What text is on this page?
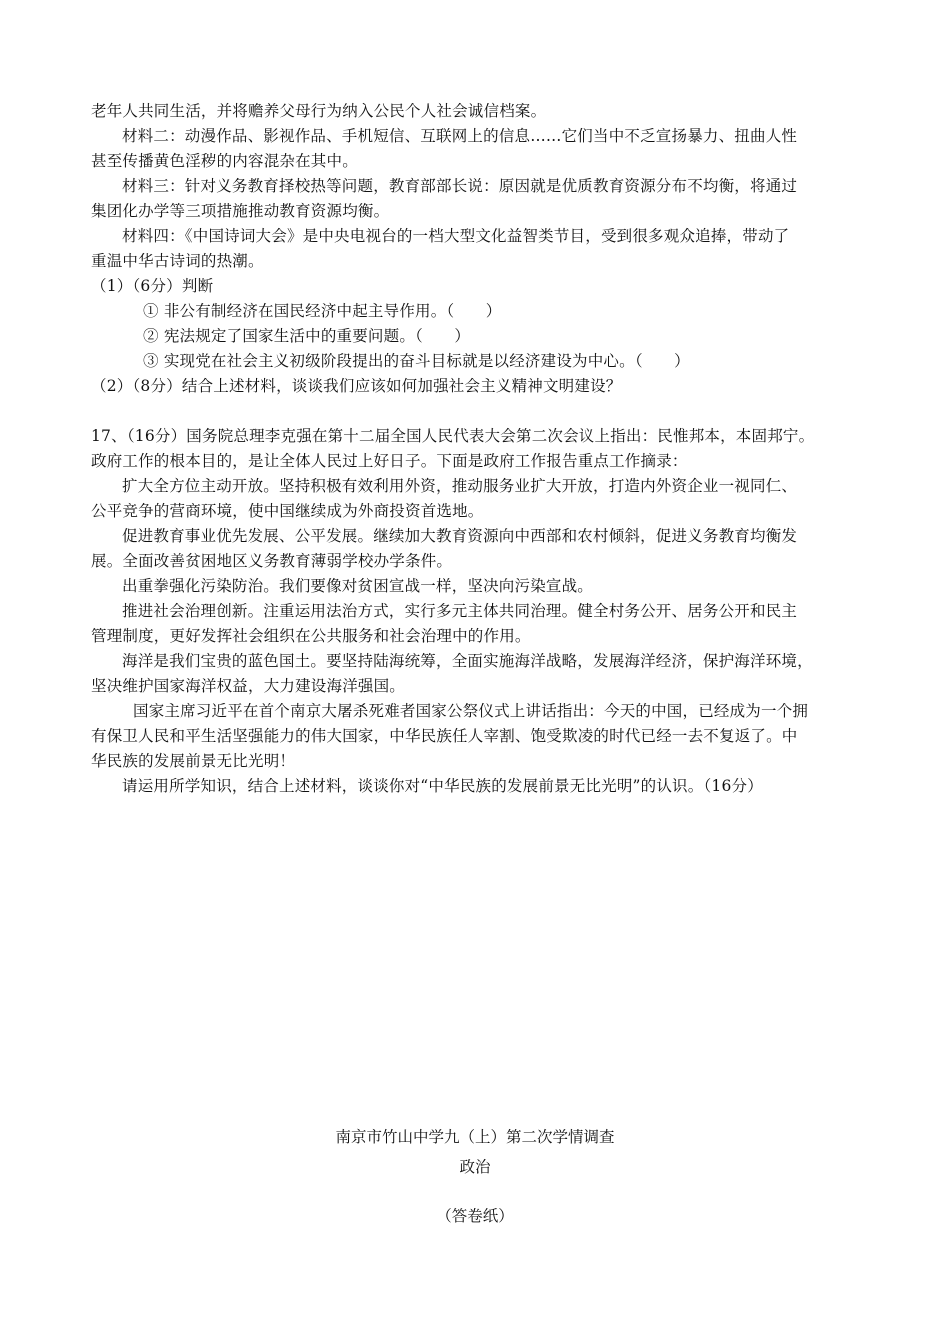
老年人共同生活，并将赡养父母行为纳入公民个人社会诚信档案。
材料二：动漫作品、影视作品、手机短信、互联网上的信息……它们当中不乏宣扬暴力、扭曲人性
甚至传播黄色淫秽的内容混杂在其中。
材料三：针对义务教育择校热等问题，教育部部长说：原因就是优质教育资源分布不均衡，将通过
集团化办学等三项措施推动教育资源均衡。
材料四：《中国诗词大会》是中央电视台的一档大型文化益智类节目，受到很多观众追捧，带动了
重温中华古诗词的热潮。
（1）（6分）判断
① 非公有制经济在国民经济中起主导作用。（　　）
② 宪法规定了国家生活中的重要问题。（　　）
③ 实现党在社会主义初级阶段提出的奋斗目标就是以经济建设为中心。（　　）
（2）（8分）结合上述材料，谈谈我们应该如何加强社会主义精神文明建设？
17、（16分）国务院总理李克强在第十二届全国人民代表大会第二次会议上指出：民惟邦本，本固邦宁。
政府工作的根本目的，是让全体人民过上好日子。下面是政府工作报告重点工作摘录：
扩大全方位主动开放。坚持积极有效利用外资，推动服务业扩大开放，打造内外资企业一视同仁、
公平竞争的营商环境，使中国继续成为外商投资首选地。
促进教育事业优先发展、公平发展。继续加大教育资源向中西部和农村倾斜，促进义务教育均衡发
展。全面改善贫困地区义务教育薄弱学校办学条件。
出重拳强化污染防治。我们要像对贫困宣战一样，坚决向污染宣战。
推进社会治理创新。注重运用法治方式，实行多元主体共同治理。健全村务公开、居务公开和民主
管理制度，更好发挥社会组织在公共服务和社会治理中的作用。
海洋是我们宝贵的蓝色国土。要坚持陆海统筹，全面实施海洋战略，发展海洋经济，保护海洋环境，
坚决维护国家海洋权益，大力建设海洋强国。
国家主席习近平在首个南京大屠杀死难者国家公祭仪式上讲话指出：今天的中国，已经成为一个拥
有保卫人民和平生活坚强能力的伟大国家，中华民族任人宰割、饱受欺凌的时代已经一去不复返了。中
华民族的发展前景无比光明！
请运用所学知识，结合上述材料，谈谈你对“中华民族的发展前景无比光明”的认识。（16分）
南京市竹山中学九（上）第二次学情调查
政治
（答卷纸）
